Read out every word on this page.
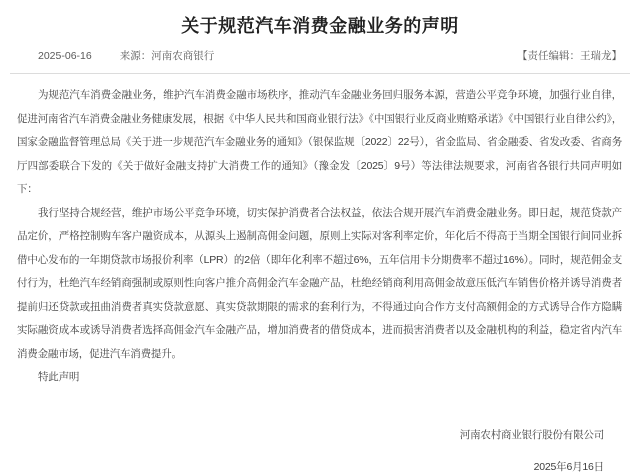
关于规范汽车消费金融业务的声明
2025-06-16	来源：河南农商银行	【责任编辑：王瑞龙】

为规范汽车消费金融业务，维护汽车消费金融市场秩序，推动汽车金融业务回归服务本源，营造公平竞争环境，加强行业自律，促进河南省汽车消费金融业务健康发展，根据《中华人民共和国商业银行法》《中国银行业反商业贿赂承诺》《中国银行业自律公约》，国家金融监督管理总局《关于进一步规范汽车金融业务的通知》（银保监规〔2022〕22号），省金监局、省金融委、省发改委、省商务厅四部委联合下发的《关于做好金融支持扩大消费工作的通知》（豫金发〔2025〕9号）等法律法规要求，河南省各银行共同声明如下：

我行坚持合规经营，维护市场公平竞争环境，切实保护消费者合法权益，依法合规开展汽车消费金融业务。即日起，规范贷款产品定价，严格控制购车客户融资成本，从源头上遏制高佣金问题，原则上实际对客利率定价，年化后不得高于当期全国银行间同业拆借中心发布的一年期贷款市场报价利率（LPR）的2倍（即年化利率不超过6%，五年信用卡分期费率不超过16%）。同时，规范佣金支付行为，杜绝汽车经销商强制或原则性向客户推介高佣金汽车金融产品，杜绝经销商利用高佣金故意压低汽车销售价格并诱导消费者提前归还贷款或扭曲消费者真实贷款意愿、真实贷款期限的需求的套利行为，不得通过向合作方支付高额佣金的方式诱导合作方隐瞒实际融资成本或诱导消费者选择高佣金汽车金融产品，增加消费者的借贷成本，进而损害消费者以及金融机构的利益，稳定省内汽车消费金融市场，促进汽车消费提升。

特此声明

河南农村商业银行股份有限公司

2025年6月16日
